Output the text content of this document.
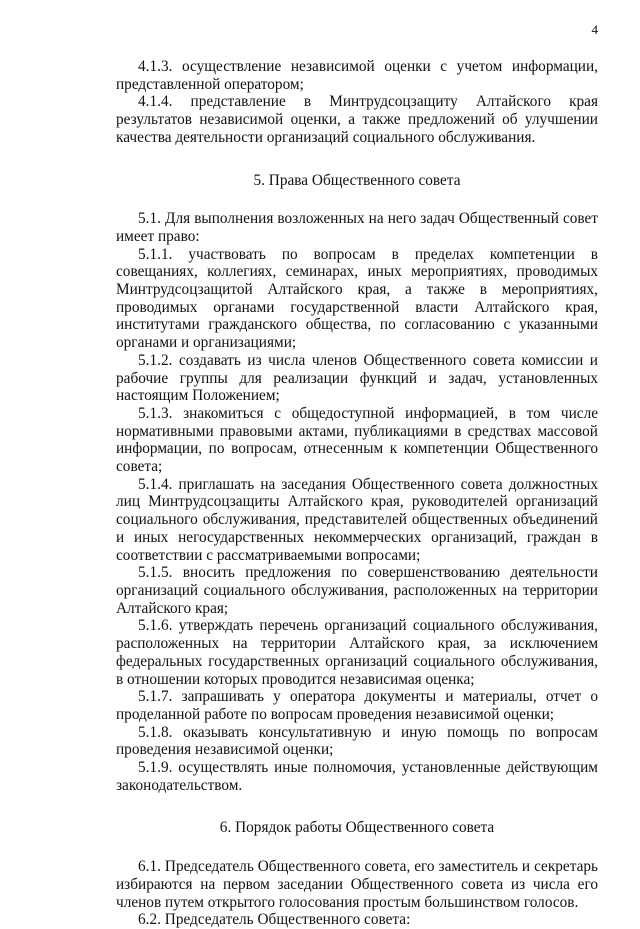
4

4.1.3. осуществление независимой оценки с учетом информации, представленной оператором;

4.1.4. представление в Минтрудсоцзащиту Алтайского края результатов независимой оценки, а также предложений об улучшении качества деятельности организаций социального обслуживания.

5. Права Общественного совета

5.1. Для выполнения возложенных на него задач Общественный совет имеет право:

5.1.1. участвовать по вопросам в пределах компетенции в совещаниях, коллегиях, семинарах, иных мероприятиях, проводимых Минтрудсоцзащитой Алтайского края, а также в мероприятиях, проводимых органами государственной власти Алтайского края, институтами гражданского общества, по согласованию с указанными органами и организациями;

5.1.2. создавать из числа членов Общественного совета комиссии и рабочие группы для реализации функций и задач, установленных настоящим Положением;

5.1.3. знакомиться с общедоступной информацией, в том числе нормативными правовыми актами, публикациями в средствах массовой информации, по вопросам, отнесенным к компетенции Общественного совета;

5.1.4. приглашать на заседания Общественного совета должностных лиц Минтрудсоцзащиты Алтайского края, руководителей организаций социального обслуживания, представителей общественных объединений и иных негосударственных некоммерческих организаций, граждан в соответствии с рассматриваемыми вопросами;

5.1.5. вносить предложения по совершенствованию деятельности организаций социального обслуживания, расположенных на территории Алтайского края;

5.1.6. утверждать перечень организаций социального обслуживания, расположенных на территории Алтайского края, за исключением федеральных государственных организаций социального обслуживания, в отношении которых проводится независимая оценка;

5.1.7. запрашивать у оператора документы и материалы, отчет о проделанной работе по вопросам проведения независимой оценки;

5.1.8. оказывать консультативную и иную помощь по вопросам проведения независимой оценки;

5.1.9. осуществлять иные полномочия, установленные действующим законодательством.

6. Порядок работы Общественного совета

6.1. Председатель Общественного совета, его заместитель и секретарь избираются на первом заседании Общественного совета из числа его членов путем открытого голосования простым большинством голосов.

6.2. Председатель Общественного совета:
